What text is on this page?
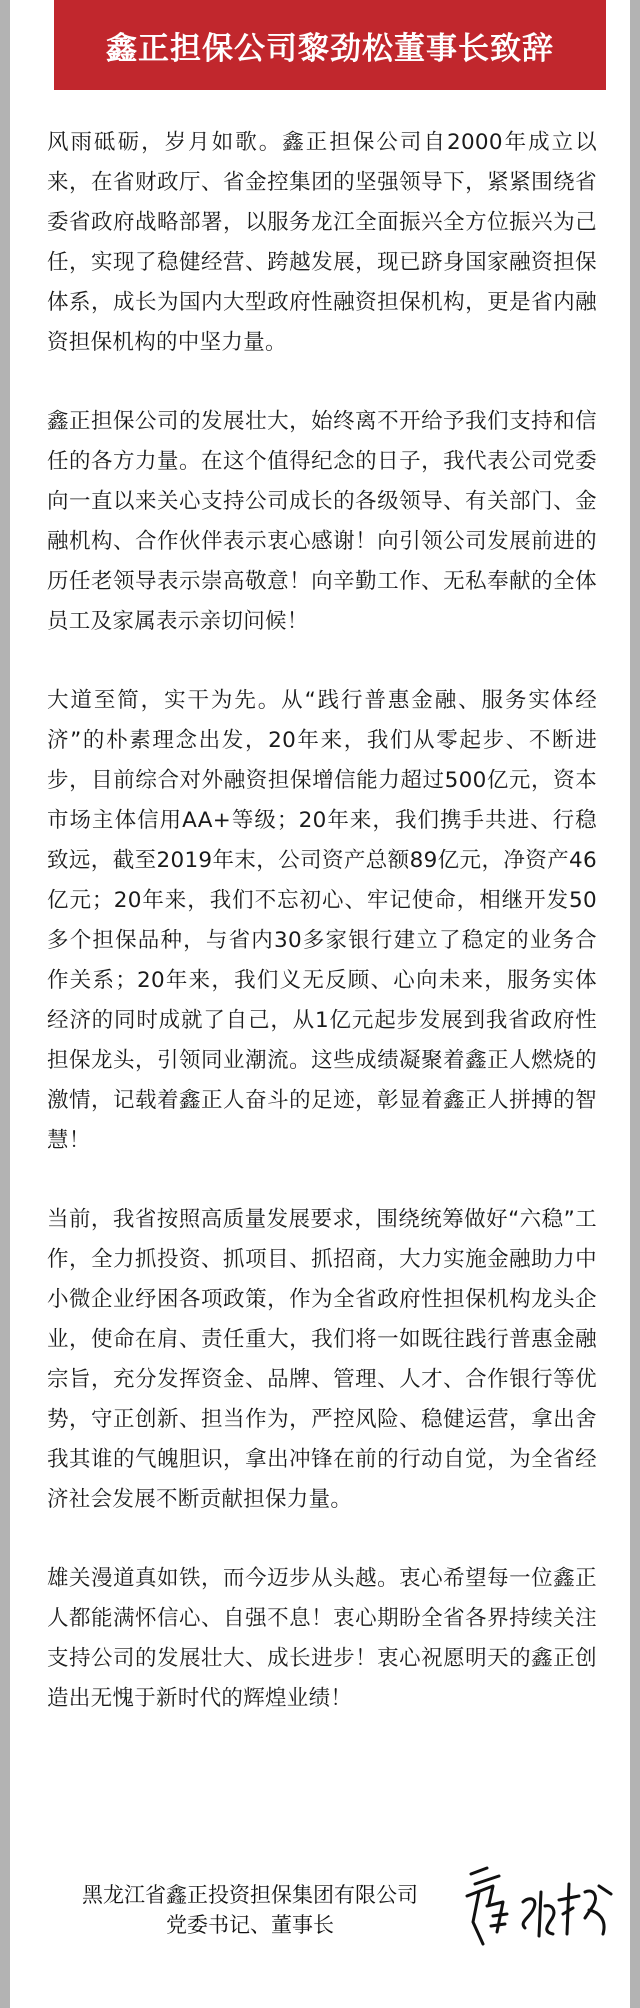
鑫正担保公司黎劲松董事长致辞

风雨砥砺，岁月如歌。鑫正担保公司自2000年成立以来，在省财政厅、省金控集团的坚强领导下，紧紧围绕省委省政府战略部署，以服务龙江全面振兴全方位振兴为己任，实现了稳健经营、跨越发展，现已跻身国家融资担保体系，成长为国内大型政府性融资担保机构，更是省内融资担保机构的中坚力量。

鑫正担保公司的发展壮大，始终离不开给予我们支持和信任的各方力量。在这个值得纪念的日子，我代表公司党委向一直以来关心支持公司成长的各级领导、有关部门、金融机构、合作伙伴表示衷心感谢！向引领公司发展前进的历任老领导表示崇高敬意！向辛勤工作、无私奉献的全体员工及家属表示亲切问候！

大道至简，实干为先。从“践行普惠金融、服务实体经济”的朴素理念出发，20年来，我们从零起步、不断进步，目前综合对外融资担保增信能力超过500亿元，资本市场主体信用AA+等级；20年来，我们携手共进、行稳致远，截至2019年末，公司资产总额89亿元，净资产46亿元；20年来，我们不忘初心、牢记使命，相继开发50多个担保品种，与省内30多家银行建立了稳定的业务合作关系；20年来，我们义无反顾、心向未来，服务实体经济的同时成就了自己，从1亿元起步发展到我省政府性担保龙头，引领同业潮流。这些成绩凝聚着鑫正人燃烧的激情，记载着鑫正人奋斗的足迹，彰显着鑫正人拼搏的智慧！

当前，我省按照高质量发展要求，围绕统筹做好“六稳”工作，全力抓投资、抓项目、抓招商，大力实施金融助力中小微企业纾困各项政策，作为全省政府性担保机构龙头企业，使命在肩、责任重大，我们将一如既往践行普惠金融宗旨，充分发挥资金、品牌、管理、人才、合作银行等优势，守正创新、担当作为，严控风险、稳健运营，拿出舍我其谁的气魄胆识，拿出冲锋在前的行动自觉，为全省经济社会发展不断贡献担保力量。

雄关漫道真如铁，而今迈步从头越。衷心希望每一位鑫正人都能满怀信心、自强不息！衷心期盼全省各界持续关注支持公司的发展壮大、成长进步！衷心祝愿明天的鑫正创造出无愧于新时代的辉煌业绩！

黑龙江省鑫正投资担保集团有限公司
党委书记、董事长
